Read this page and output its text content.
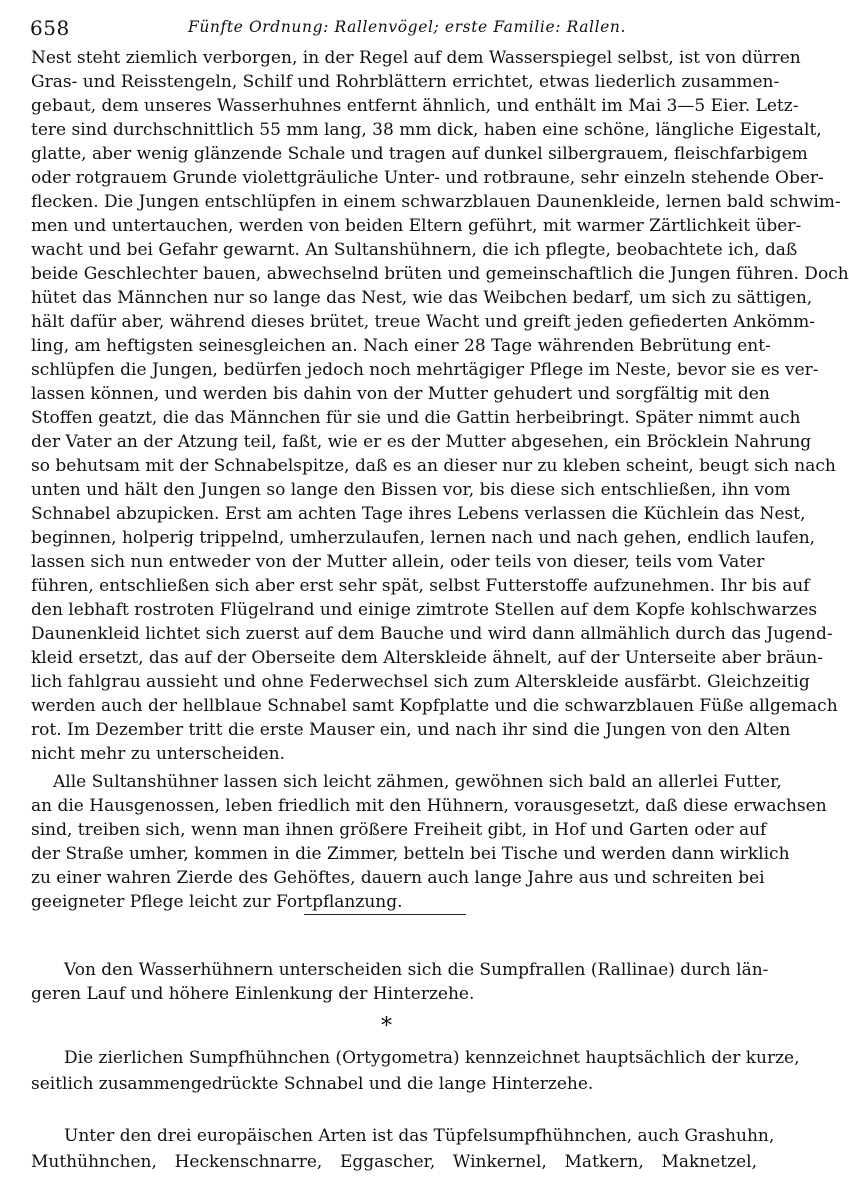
658	Fünfte Ordnung: Rallenvögel; erste Familie: Rallen.
Nest steht ziemlich verborgen, in der Regel auf dem Wasserspiegel selbst, ist von dürren
Gras- und Reisstengeln, Schilf und Rohrblättern errichtet, etwas liederlich zusammen-
gebaut, dem unseres Wasserhuhnes entfernt ähnlich, und enthält im Mai 3—5 Eier. Letz-
tere sind durchschnittlich 55 mm lang, 38 mm dick, haben eine schöne, längliche Eigestalt,
glatte, aber wenig glänzende Schale und tragen auf dunkel silbergrauem, fleischfarbigem
oder rotgrauem Grunde violettgräuliche Unter- und rotbraune, sehr einzeln stehende Ober-
flecken. Die Jungen entschlüpfen in einem schwarzblauen Daunenkleide, lernen bald schwim-
men und untertauchen, werden von beiden Eltern geführt, mit warmer Zärtlichkeit über-
wacht und bei Gefahr gewarnt. An Sultanshühnern, die ich pflegte, beobachtete ich, daß
beide Geschlechter bauen, abwechselnd brüten und gemeinschaftlich die Jungen führen. Doch
hütet das Männchen nur so lange das Nest, wie das Weibchen bedarf, um sich zu sättigen,
hält dafür aber, während dieses brütet, treue Wacht und greift jeden gefiederten Ankömm-
ling, am heftigsten seinesgleichen an. Nach einer 28 Tage währenden Bebrütung ent-
schlüpfen die Jungen, bedürfen jedoch noch mehrtägiger Pflege im Neste, bevor sie es ver-
lassen können, und werden bis dahin von der Mutter gehudert und sorgfältig mit den
Stoffen geatzt, die das Männchen für sie und die Gattin herbeibringt. Später nimmt auch
der Vater an der Atzung teil, faßt, wie er es der Mutter abgesehen, ein Bröcklein Nahrung
so behutsam mit der Schnabelspitze, daß es an dieser nur zu kleben scheint, beugt sich nach
unten und hält den Jungen so lange den Bissen vor, bis diese sich entschließen, ihn vom
Schnabel abzupicken. Erst am achten Tage ihres Lebens verlassen die Küchlein das Nest,
beginnen, holperig trippelnd, umherzulaufen, lernen nach und nach gehen, endlich laufen,
lassen sich nun entweder von der Mutter allein, oder teils von dieser, teils vom Vater
führen, entschließen sich aber erst sehr spät, selbst Futterstoffe aufzunehmen. Ihr bis auf
den lebhaft rostroten Flügelrand und einige zimtrote Stellen auf dem Kopfe kohlschwarzes
Daunenkleid lichtet sich zuerst auf dem Bauche und wird dann allmählich durch das Jugend-
kleid ersetzt, das auf der Oberseite dem Alterskleide ähnelt, auf der Unterseite aber bräun-
lich fahlgrau aussieht und ohne Federwechsel sich zum Alterskleide ausfärbt. Gleichzeitig
werden auch der hellblaue Schnabel samt Kopfplatte und die schwarzblauen Füße allgemach
rot. Im Dezember tritt die erste Mauser ein, und nach ihr sind die Jungen von den Alten
nicht mehr zu unterscheiden.
Alle Sultanshühner lassen sich leicht zähmen, gewöhnen sich bald an allerlei Futter,
an die Hausgenossen, leben friedlich mit den Hühnern, vorausgesetzt, daß diese erwachsen
sind, treiben sich, wenn man ihnen größere Freiheit gibt, in Hof und Garten oder auf
der Straße umher, kommen in die Zimmer, betteln bei Tische und werden dann wirklich
zu einer wahren Zierde des Gehöftes, dauern auch lange Jahre aus und schreiten bei
geeigneter Pflege leicht zur Fortpflanzung.
Von den Wasserhühnern unterscheiden sich die Sumpfrallen (Rallinae) durch län-
geren Lauf und höhere Einlenkung der Hinterzehe.
*
Die zierlichen Sumpfhühnchen (Ortygometra) kennzeichnet hauptsächlich der kurze,
seitlich zusammengedrückte Schnabel und die lange Hinterzehe.
Unter den drei europäischen Arten ist das Tüpfelsumpfhühnchen, auch Grashuhn,
Muthühnchen, Heckenschnarre, Eggascher, Winkernel, Matkern, Maknetzel,
